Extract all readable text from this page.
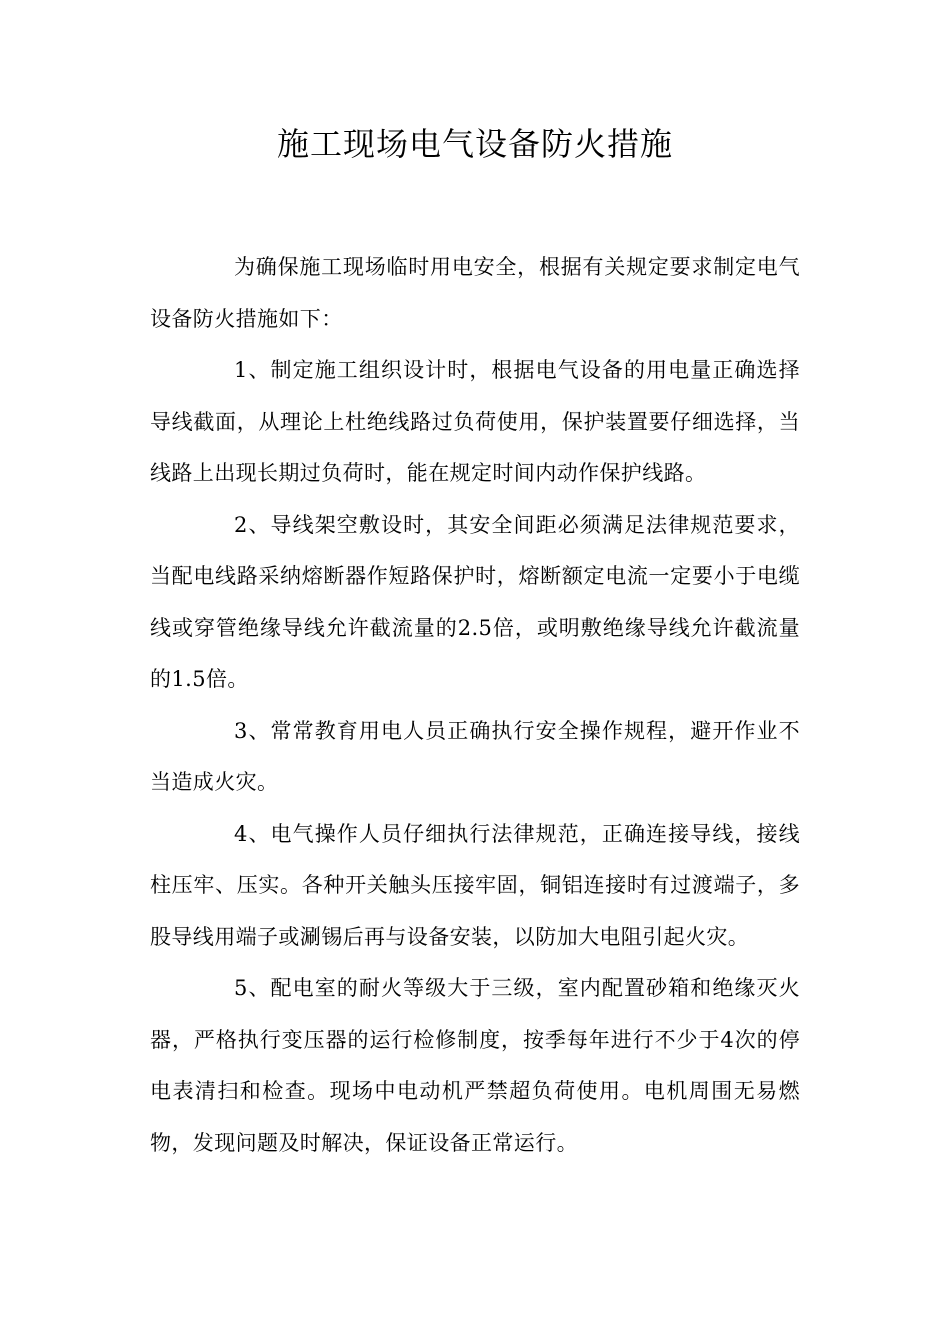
施工现场电气设备防火措施

为确保施工现场临时用电安全，根据有关规定要求制定电气设备防火措施如下：

1、制定施工组织设计时，根据电气设备的用电量正确选择导线截面，从理论上杜绝线路过负荷使用，保护装置要仔细选择，当线路上出现长期过负荷时，能在规定时间内动作保护线路。

2、导线架空敷设时，其安全间距必须满足法律规范要求，当配电线路采纳熔断器作短路保护时，熔断额定电流一定要小于电缆线或穿管绝缘导线允许截流量的2.5倍，或明敷绝缘导线允许截流量的1.5倍。

3、常常教育用电人员正确执行安全操作规程，避开作业不当造成火灾。

4、电气操作人员仔细执行法律规范，正确连接导线，接线柱压牢、压实。各种开关触头压接牢固，铜铝连接时有过渡端子，多股导线用端子或涮锡后再与设备安装，以防加大电阻引起火灾。

5、配电室的耐火等级大于三级，室内配置砂箱和绝缘灭火器，严格执行变压器的运行检修制度，按季每年进行不少于4次的停电表清扫和检查。现场中电动机严禁超负荷使用。电机周围无易燃物，发现问题及时解决，保证设备正常运行。
